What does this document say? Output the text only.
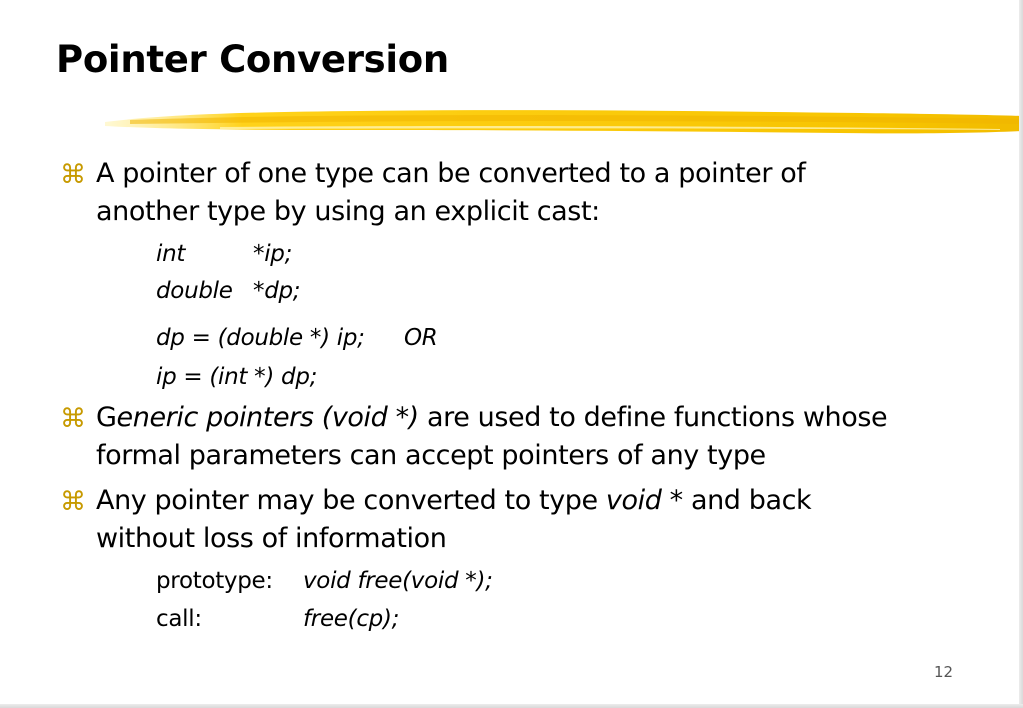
Pointer Conversion
⌘ A pointer of one type can be converted to a pointer of
another type by using an explicit cast:
int	*ip;
double *dp;
dp = (double *) ip; OR
ip = (int *) dp;
⌘ Generic pointers (void *) are used to define functions whose
formal parameters can accept pointers of any type
⌘ Any pointer may be converted to type void * and back
without loss of information
prototype: void free(void *);
call:	free(cp);
12
